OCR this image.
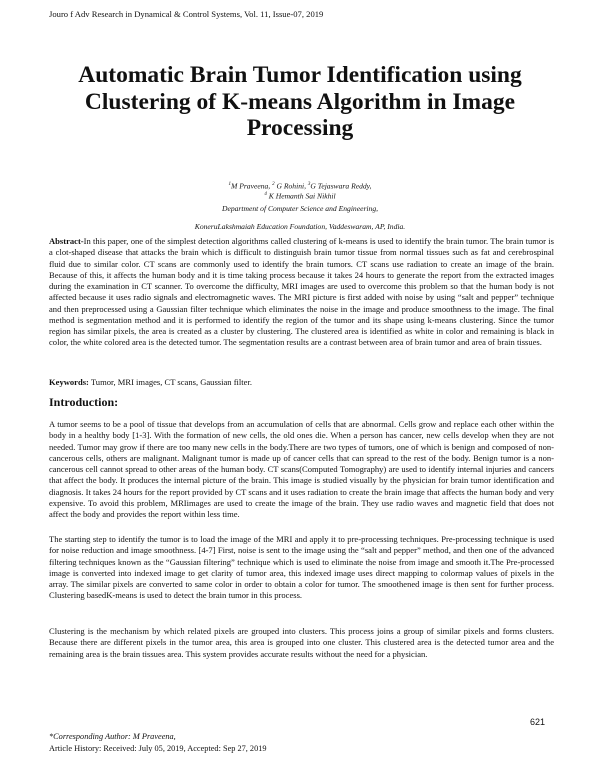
Jouro f Adv Research in Dynamical & Control Systems, Vol. 11, Issue-07, 2019
Automatic Brain Tumor Identification using Clustering of K-means Algorithm in Image Processing
$^1$M Praveena, $^2$ G Rohini, $^3$G Tejaswara Reddy,
$^4$ K Hemanth Sai Nikhil
Department of Computer Science and Engineering,
KoneruLakshmaiah Education Foundation, Vaddeswaram, AP, India.
Abstract-In this paper, one of the simplest detection algorithms called clustering of k-means is used to identify the brain tumor. The brain tumor is a clot-shaped disease that attacks the brain which is difficult to distinguish brain tumor tissue from normal tissues such as fat and cerebrospinal fluid due to similar color. CT scans are commonly used to identify the brain tumors. CT scans use radiation to create an image of the brain. Because of this, it affects the human body and it is time taking process because it takes 24 hours to generate the report from the extracted images during the examination in CT scanner. To overcome the difficulty, MRI images are used to overcome this problem so that the human body is not affected because it uses radio signals and electromagnetic waves. The MRI picture is first added with noise by using “salt and pepper” technique and then preprocessed using a Gaussian filter technique which eliminates the noise in the image and produce smoothness to the image. The final method is segmentation method and it is performed to identify the region of the tumor and its shape using k-means clustering. Since the tumor region has similar pixels, the area is created as a cluster by clustering. The clustered area is identified as white in color and remaining is black in color, the white colored area is the detected tumor. The segmentation results are a contrast between area of brain tumor and area of brain tissues.
Keywords: Tumor, MRI images, CT scans, Gaussian filter.
Introduction:
A tumor seems to be a pool of tissue that develops from an accumulation of cells that are abnormal. Cells grow and replace each other within the body in a healthy body [1-3]. With the formation of new cells, the old ones die. When a person has cancer, new cells develop when they are not needed. Tumor may grow if there are too many new cells in the body.There are two types of tumors, one of which is benign and composed of non-cancerous cells, others are malignant. Malignant tumor is made up of cancer cells that can spread to the rest of the body. Benign tumor is a non-cancerous cell cannot spread to other areas of the human body. CT scans(Computed Tomography) are used to identify internal injuries and cancers that affect the body. It produces the internal picture of the brain. This image is studied visually by the physician for brain tumor identification and diagnosis. It takes 24 hours for the report provided by CT scans and it uses radiation to create the brain image that affects the human body and very expensive. To avoid this problem, MRIimages are used to create the image of the brain. They use radio waves and magnetic field that does not affect the body and provides the report within less time.
The starting step to identify the tumor is to load the image of the MRI and apply it to pre-processing techniques. Pre-processing technique is used for noise reduction and image smoothness. [4-7] First, noise is sent to the image using the “salt and pepper” method, and then one of the advanced filtering techniques known as the “Gaussian filtering” technique which is used to eliminate the noise from image and smooth it.The Pre-processed image is converted into indexed image to get clarity of tumor area, this indexed image uses direct mapping to colormap values of pixels in the array. The similar pixels are converted to same color in order to obtain a color for tumor. The smoothened image is then sent for further process. Clustering basedK-means is used to detect the brain tumor in this process.
Clustering is the mechanism by which related pixels are grouped into clusters. This process joins a group of similar pixels and forms clusters. Because there are different pixels in the tumor area, this area is grouped into one cluster. This clustered area is the detected tumor area and the remaining area is the brain tissues area. This system provides accurate results without the need for a physician.
621
*Corresponding Author: M Praveena,
Article History: Received: July 05, 2019, Accepted: Sep 27, 2019
